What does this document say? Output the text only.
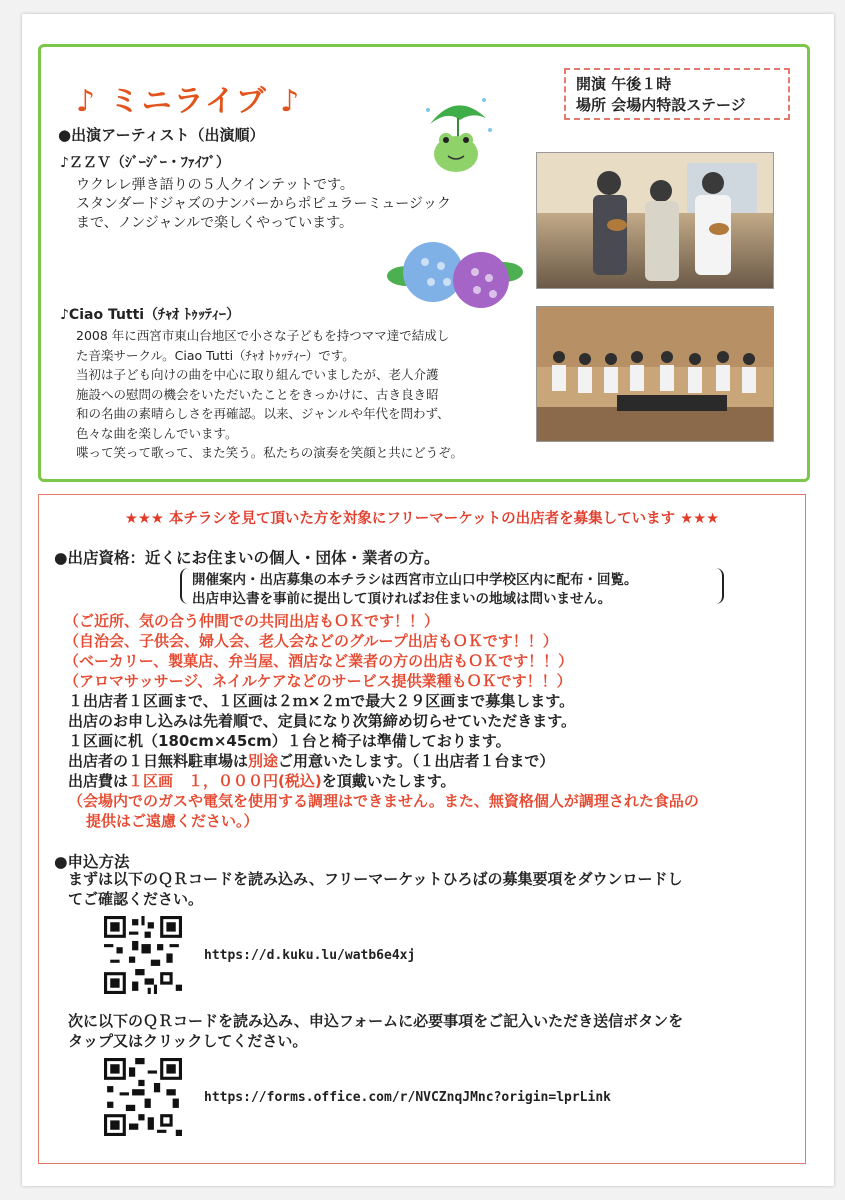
♪ ミニライブ ♪	開演 午後１時
場所 会場内特設ステージ
●出演アーティスト（出演順）
♪ＺＺＶ（ｼﾞｰｼﾞｰ・ﾌｧｲﾌﾞ）
ウクレレ弾き語りの５人クインテットです。
スタンダードジャズのナンバーからポピュラーミュージック
まで、ノンジャンルで楽しくやっています。
♪Ciao Tutti（ﾁｬｵ ﾄｩｯﾃｨｰ）
2008 年に西宮市東山台地区で小さな子どもを持つママ達で結成し
た音楽サークル。Ciao Tutti（ﾁｬｵ ﾄｩｯﾃｨｰ）です。
当初は子ども向けの曲を中心に取り組んでいましたが、老人介護
施設への慰問の機会をいただいたことをきっかけに、古き良き昭
和の名曲の素晴らしさを再確認。以来、ジャンルや年代を問わず、
色々な曲を楽しんでいます。
喋って笑って歌って、また笑う。私たちの演奏を笑顔と共にどうぞ。
★★★ 本チラシを見て頂いた方を対象にフリーマーケットの出店者を募集しています ★★★
●出店資格：近くにお住まいの個人・団体・業者の方。
開催案内・出店募集の本チラシは西宮市立山口中学校区内に配布・回覧。
出店申込書を事前に提出して頂ければお住まいの地域は問いません。
（ご近所、気の合う仲間での共同出店もＯＫです！！）
（自治会、子供会、婦人会、老人会などのグループ出店もＯＫです！！）
（ベーカリー、製菓店、弁当屋、酒店など業者の方の出店もＯＫです！！）
（アロマサッサージ、ネイルケアなどのサービス提供業種もＯＫです！！）
１出店者１区画まで、１区画は２ｍ×２ｍで最大２９区画まで募集します。
出店のお申し込みは先着順で、定員になり次第締め切らせていただきます。
１区画に机（180cm×45cm）１台と椅子は準備しております。
出店者の１日無料駐車場は別途ご用意いたします。（１出店者１台まで）
出店費は１区画　１，０００円(税込)を頂戴いたします。
（会場内でのガスや電気を使用する調理はできません。また、無資格個人が調理された食品の
提供はご遠慮ください。）
●申込方法
まずは以下のＱＲコードを読み込み、フリーマーケットひろばの募集要項をダウンロードし
てご確認ください。
https://d.kuku.lu/watb6e4xj
次に以下のＱＲコードを読み込み、申込フォームに必要事項をご記入いただき送信ボタンを
タップ又はクリックしてください。
https://forms.office.com/r/NVCZnqJMnc?origin=lprLink
